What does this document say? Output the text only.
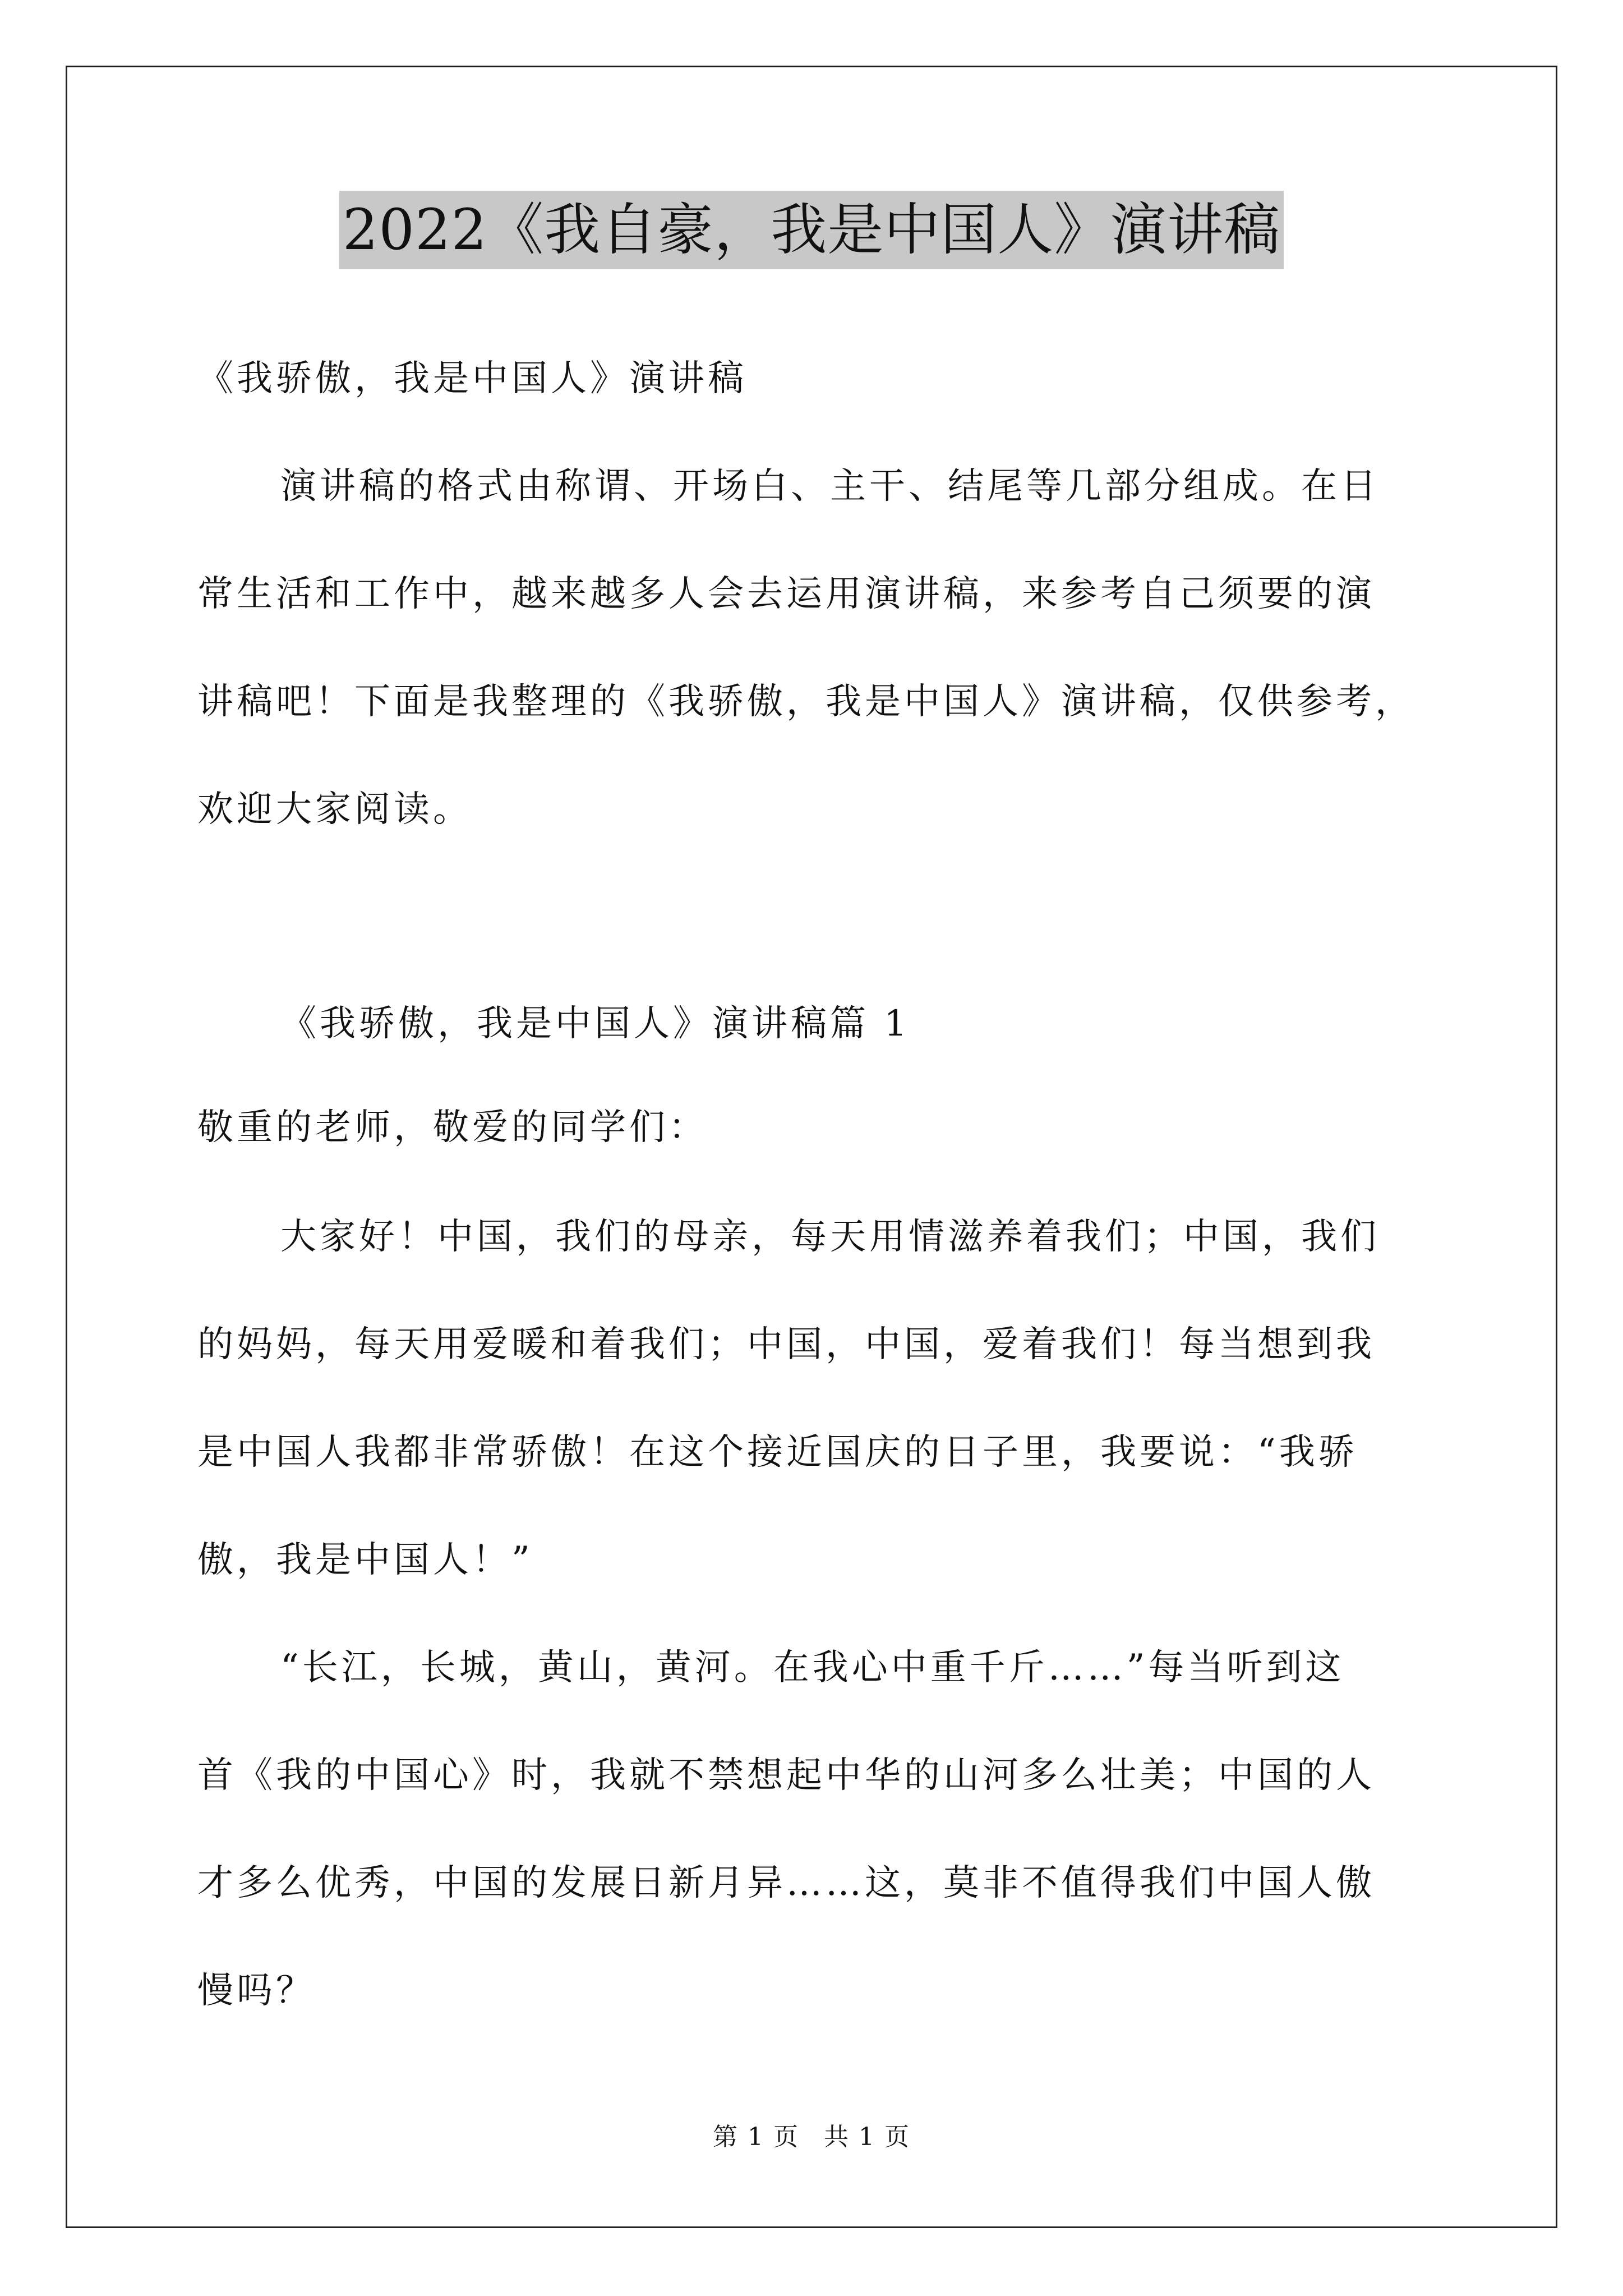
2022《我自豪，我是中国人》演讲稿
《我骄傲，我是中国人》演讲稿
演讲稿的格式由称谓、开场白、主干、结尾等几部分组成。在日
常生活和工作中，越来越多人会去运用演讲稿，来参考自己须要的演
讲稿吧！下面是我整理的《我骄傲，我是中国人》演讲稿，仅供参考，
欢迎大家阅读。
《我骄傲，我是中国人》演讲稿篇 1
敬重的老师，敬爱的同学们：
大家好！中国，我们的母亲，每天用情滋养着我们；中国，我们
的妈妈，每天用爱暖和着我们；中国，中国，爱着我们！每当想到我
是中国人我都非常骄傲！在这个接近国庆的日子里，我要说：“我骄
傲，我是中国人！”
“长江，长城，黄山，黄河。在我心中重千斤……”每当听到这
首《我的中国心》时，我就不禁想起中华的山河多么壮美；中国的人
才多么优秀，中国的发展日新月异……这，莫非不值得我们中国人傲
慢吗？
第 1 页 共 1 页
